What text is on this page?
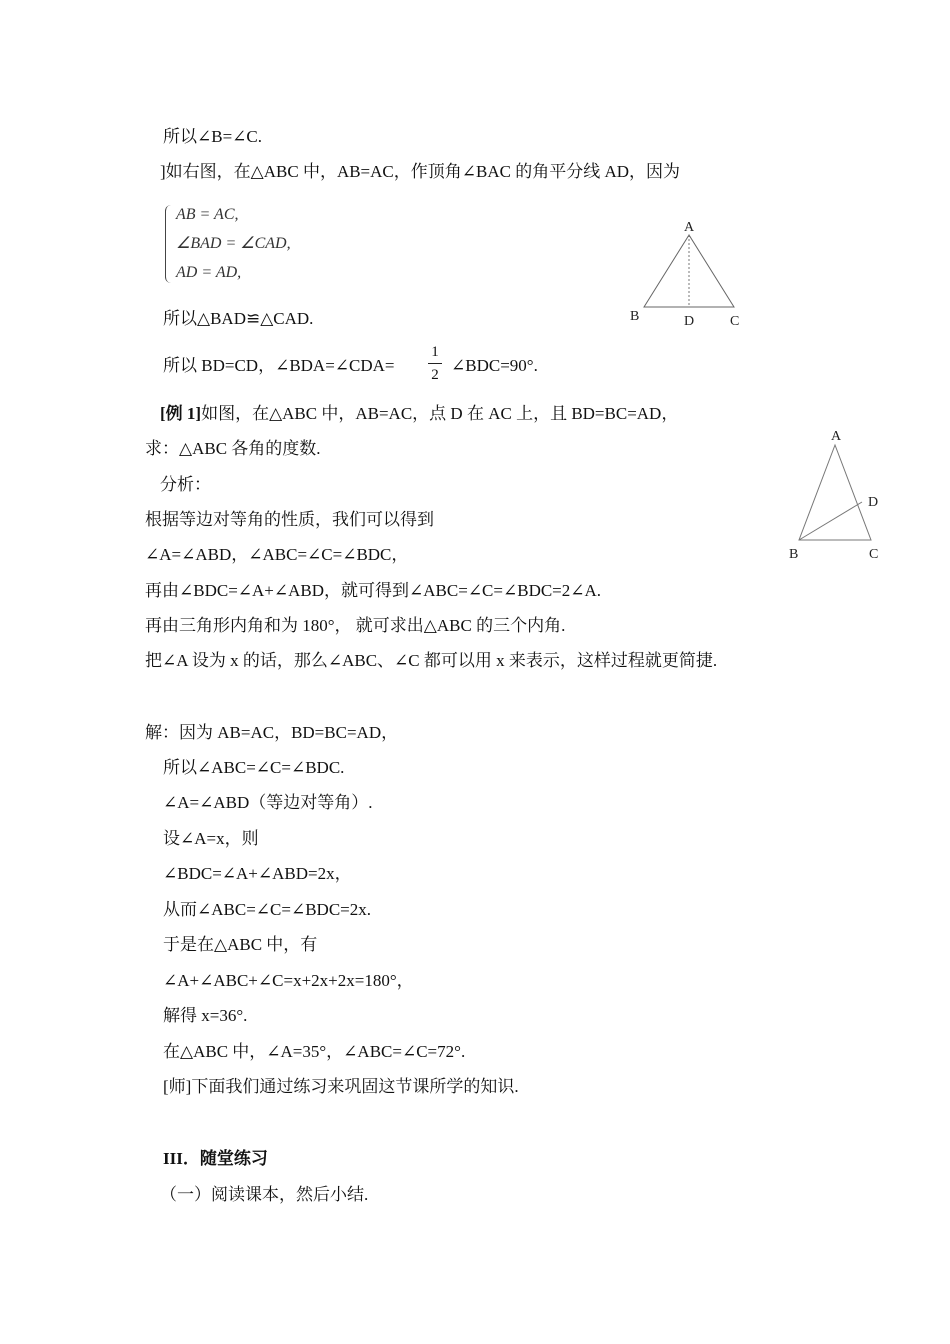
所以∠B=∠C.
]如右图，在△ABC 中，AB=AC，作顶角∠BAC 的角平分线 AD，因为
AB = AC,
∠BAD = ∠CAD,
AD = AD,
所以△BAD≌△CAD.
所以 BD=CD，∠BDA=∠CDA=
1
2 ∠BDC=90°.
[例 1]如图，在△ABC 中，AB=AC，点 D 在 AC 上，且 BD=BC=AD，
求：△ABC 各角的度数.
分析：
根据等边对等角的性质，我们可以得到
∠A=∠ABD，∠ABC=∠C=∠BDC，
再由∠BDC=∠A+∠ABD，就可得到∠ABC=∠C=∠BDC=2∠A.
再由三角形内角和为 180°， 就可求出△ABC 的三个内角.
把∠A 设为 x 的话，那么∠ABC、∠C 都可以用 x 来表示，这样过程就更简捷.
解：因为 AB=AC，BD=BC=AD，
所以∠ABC=∠C=∠BDC.
∠A=∠ABD（等边对等角）.
设∠A=x，则
∠BDC=∠A+∠ABD=2x，
从而∠ABC=∠C=∠BDC=2x.
于是在△ABC 中，有
∠A+∠ABC+∠C=x+2x+2x=180°，
解得 x=36°.
在△ABC 中，∠A=35°，∠ABC=∠C=72°.
[师]下面我们通过练习来巩固这节课所学的知识.
III．随堂练习
（一）阅读课本，然后小结.
A
B	D	C
A
D
B	C
